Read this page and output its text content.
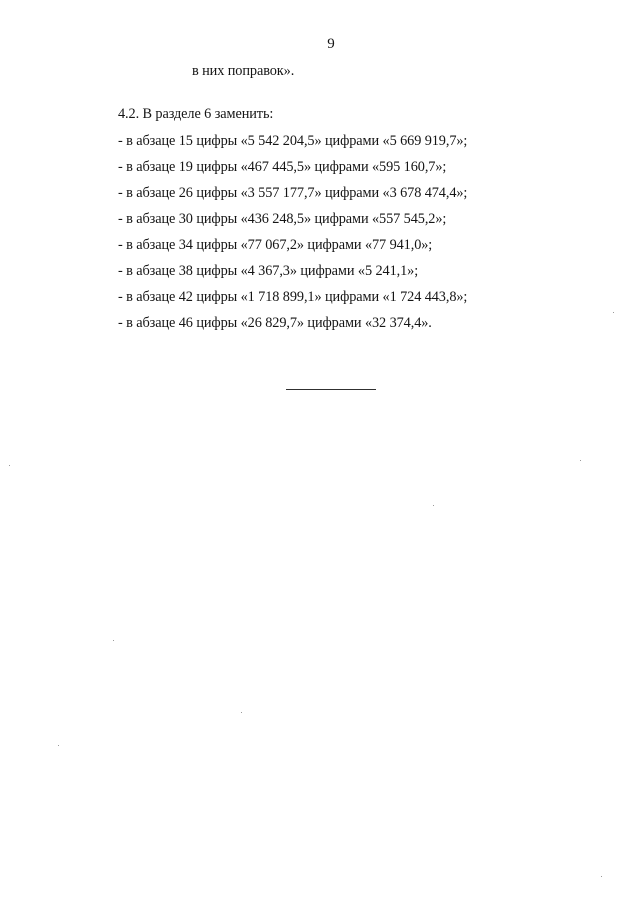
9
в них поправок».
4.2. В разделе 6 заменить:
- в абзаце 15 цифры «5 542 204,5» цифрами «5 669 919,7»;
- в абзаце 19 цифры «467 445,5» цифрами «595 160,7»;
- в абзаце 26 цифры «3 557 177,7» цифрами «3 678 474,4»;
- в абзаце 30 цифры «436 248,5» цифрами «557 545,2»;
- в абзаце 34 цифры «77 067,2» цифрами «77 941,0»;
- в абзаце 38 цифры «4 367,3» цифрами «5 241,1»;
- в абзаце 42 цифры «1 718 899,1» цифрами «1 724 443,8»;
- в абзаце 46 цифры «26 829,7» цифрами «32 374,4».
